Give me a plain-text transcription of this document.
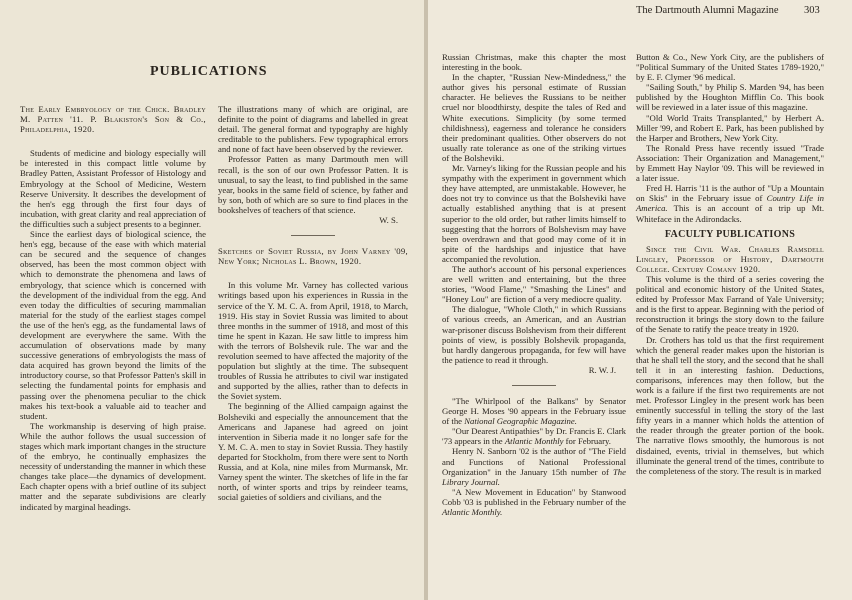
PUBLICATIONS

The Early Embryology of the Chick. Bradley M. Patten '11. P. Blakiston's Son & Co., Philadelphia, 1920.

Students of medicine and biology especially will be interested in this compact little volume by Bradley Patten, Assistant Professor of Histology and Embryology at the School of Medicine, Western Reserve University. It describes the development of the hen's egg through the first four days of incubation, with great clarity and real appreciation of the difficulties such a subject presents to a beginner.

Since the earliest days of biological science, the hen's egg, because of the ease with which material can be secured and the sequence of changes observed, has been the most common object with which to demonstrate the phenomena and laws of embryology, that science which is concerned with the development of the individual from the egg. And even today the difficulties of securing mammalian material for the study of the earliest stages compel the use of the hen's egg, as the fundamental laws of development are everywhere the same. With the accumulation of observations made by many successive generations of embryologists the mass of data acquired has grown beyond the limits of the introductory course, so that Professor Patten's skill in selecting the fundamental points for emphasis and passing over the phenomena peculiar to the chick makes his text-book a valuable aid to teacher and student.

The workmanship is deserving of high praise. While the author follows the usual succession of stages which mark important changes in the structure of the embryo, he continually emphasizes the necessity of understanding the manner in which these changes take place—the dynamics of development. Each chapter opens with a brief outline of its subject matter and the separate subdivisions are clearly indicated by marginal headings.

The illustrations many of which are original, are definite to the point of diagrams and labelled in great detail. The general format and typography are highly creditable to the publishers. Few typographical errors and none of fact have been observed by the reviewer.

Professor Patten as many Dartmouth men will recall, is the son of our own Professor Patten. It is unusual, to say the least, to find published in the same year, books in the same field of science, by father and by son, both of which are so sure to find places in the bookshelves of teachers of that science.

W. S.

Sketches of Soviet Russia, by John Varney '09, New York; Nicholas L. Brown, 1920.

In this volume Mr. Varney has collected various writings based upon his experiences in Russia in the service of the Y. M. C. A. from April, 1918, to March, 1919. His stay in Soviet Russia was limited to about three months in the summer of 1918, and most of this time he spent in Kazan. He saw little to impress him with the terrors of Bolshevik rule. The war and the revolution seemed to have affected the majority of the population but slightly at the time. The subsequent troubles of Russia he attributes to civil war instigated and supported by the allies, rather than to defects in the Soviet system.

The beginning of the Allied campaign against the Bolsheviki and especially the announcement that the Americans and Japanese had agreed on joint intervention in Siberia made it no longer safe for the Y. M. C. A. men to stay in Soviet Russia. They hastily departed for Stockholm, from there were sent to North Russia, and at Kola, nine miles from Murmansk, Mr. Varney spent the winter. The sketches of life in the far north, of winter sports and trips by reindeer teams, social gaieties of soldiers and civilians, and the

The Dartmouth Alumni Magazine 303

Russian Christmas, make this chapter the most interesting in the book.

In the chapter, "Russian New-Mindedness," the author gives his personal estimate of Russian character. He believes the Russians to be neither cruel nor bloodthirsty, despite the tales of Red and White executions. Simplicity (by some termed childishness), eagerness and tolerance he considers their predominant qualities. Other observers do not usually rate tolerance as one of the striking virtues of the Bolsheviki.

Mr. Varney's liking for the Russian people and his sympathy with the experiment in government which they have attempted, are unmistakable. However, he does not try to convince us that the Bolsheviki have actually established anything that is at present superior to the old order, but rather limits himself to suggesting that the horrors of Bolshevism may have been overdrawn and that good may come of it in spite of the hardships and injustice that have accompanied the revolution.

The author's account of his personal experiences are well written and entertaining, but the three stories, "Wood Flame," "Smashing the Lines" and "Honey Lou" are fiction of a very mediocre quality.

The dialogue, "Whole Cloth," in which Russians of various creeds, an American, and an Austrian war-prisoner discuss Bolshevism from their different points of view, is possibly Bolshevik propaganda, but hardly dangerous propaganda, for few will have the patience to read it through.

R. W. J.

"The Whirlpool of the Balkans" by Senator George H. Moses '90 appears in the February issue of the National Geographic Magazine.

"Our Dearest Antipathies" by Dr. Francis E. Clark '73 appears in the Atlantic Monthly for February.

Henry N. Sanborn '02 is the author of "The Field and Functions of National Professional Organization" in the January 15th number of The Library Journal.

"A New Movement in Education" by Stanwood Cobb '03 is published in the February number of the Atlantic Monthly.

Button & Co., New York City, are the publishers of "Political Summary of the United States 1789-1920," by E. F. Clymer '96 medical.

"Sailing South," by Philip S. Marden '94, has been published by the Houghton Mifflin Co. This book will be reviewed in a later issue of this magazine.

"Old World Traits Transplanted," by Herbert A. Miller '99, and Robert E. Park, has been published by the Harper and Brothers, New York City.

The Ronald Press have recently issued "Trade Association: Their Organization and Management," by Emmett Hay Naylor '09. This will be reviewed in a later issue.

Fred H. Harris '11 is the author of "Up a Mountain on Skis" in the February issue of Country Life in America. This is an account of a trip up Mt. Whiteface in the Adirondacks.

FACULTY PUBLICATIONS

Since the Civil War. Charles Ramsdell Lingley, Professor of History, Dartmouth College. Century Comany 1920.

This volume is the third of a series covering the political and economic history of the United States, edited by Professor Max Farrand of Yale University; and is the first to appear. Beginning with the period of reconstruction it brings the story down to the failure of the Senate to ratify the peace treaty in 1920.

Dr. Crothers has told us that the first requirement which the general reader makes upon the historian is that he shall tell the story, and the second that he shall tell it in an interesting fashion. Deductions, comparisons, inferences may then follow, but the work is a failure if the first two requirements are not met. Professor Lingley in the present work has been eminently successful in telling the story of the last fifty years in a manner which holds the attention of the reader through the greater portion of the book. The narrative flows smoothly, the humorous is not disdained, events, trivial in themselves, but which illuminate the general trend of the times, contribute to the completeness of the story. The result is in marked
